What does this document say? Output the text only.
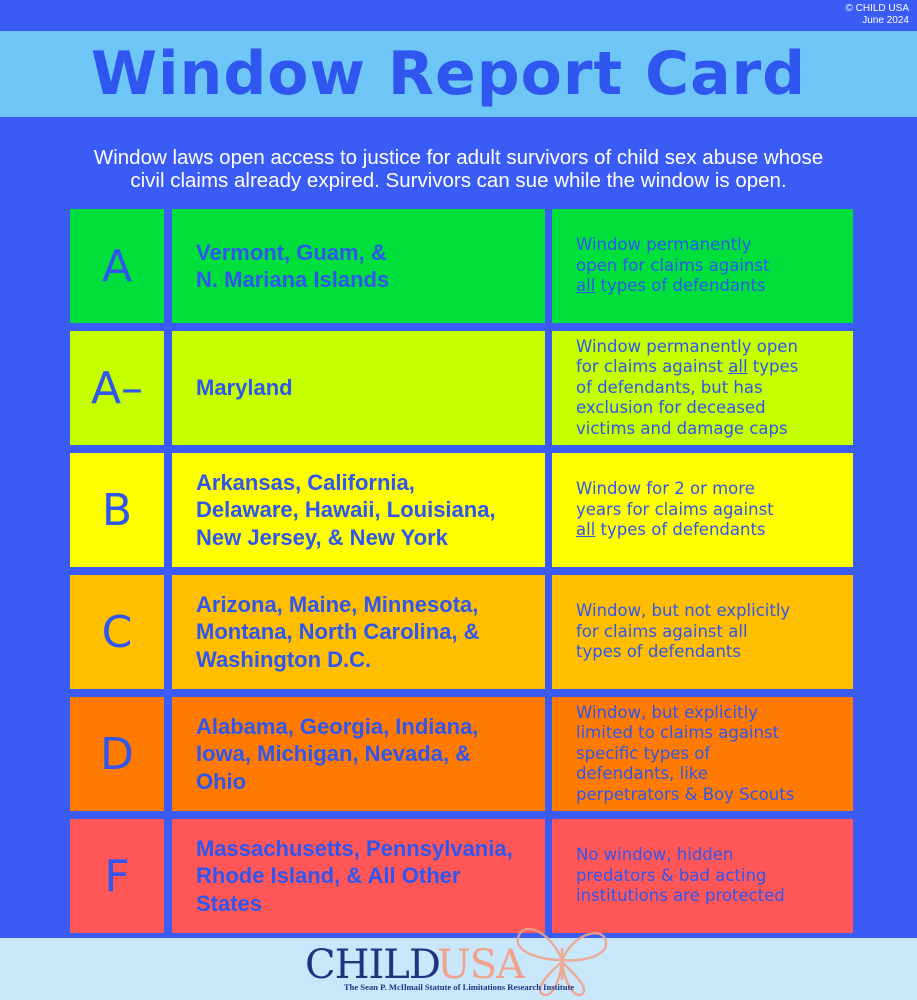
© CHILD USA
June 2024
Window Report Card
Window laws open access to justice for adult survivors of child sex abuse whose
civil claims already expired. Survivors can sue while the window is open.
A	Vermont, Guam, &
N. Mariana Islands
Window permanently
open for claims against
all types of defendants
A– Maryland
Window permanently open
for claims against all types
of defendants, but has
exclusion for deceased
victims and damage caps
B
Arkansas, California,
Delaware, Hawaii, Louisiana,
New Jersey, & New York
Window for 2 or more
years for claims against
all types of defendants
C
Arizona, Maine, Minnesota,
Montana, North Carolina, &
Washington D.C.
Window, but not explicitly
for claims against all
types of defendants
D
Alabama, Georgia, Indiana,
Iowa, Michigan, Nevada, &
Ohio
Window, but explicitly
limited to claims against
specific types of
defendants, like
perpetrators & Boy Scouts
F
Massachusetts, Pennsylvania,
Rhode Island, & All Other
States
No window, hidden
predators & bad acting
institutions are protected
CHILD
USA
The Sean P. McIlmail Statute of Limitations Research Institute
